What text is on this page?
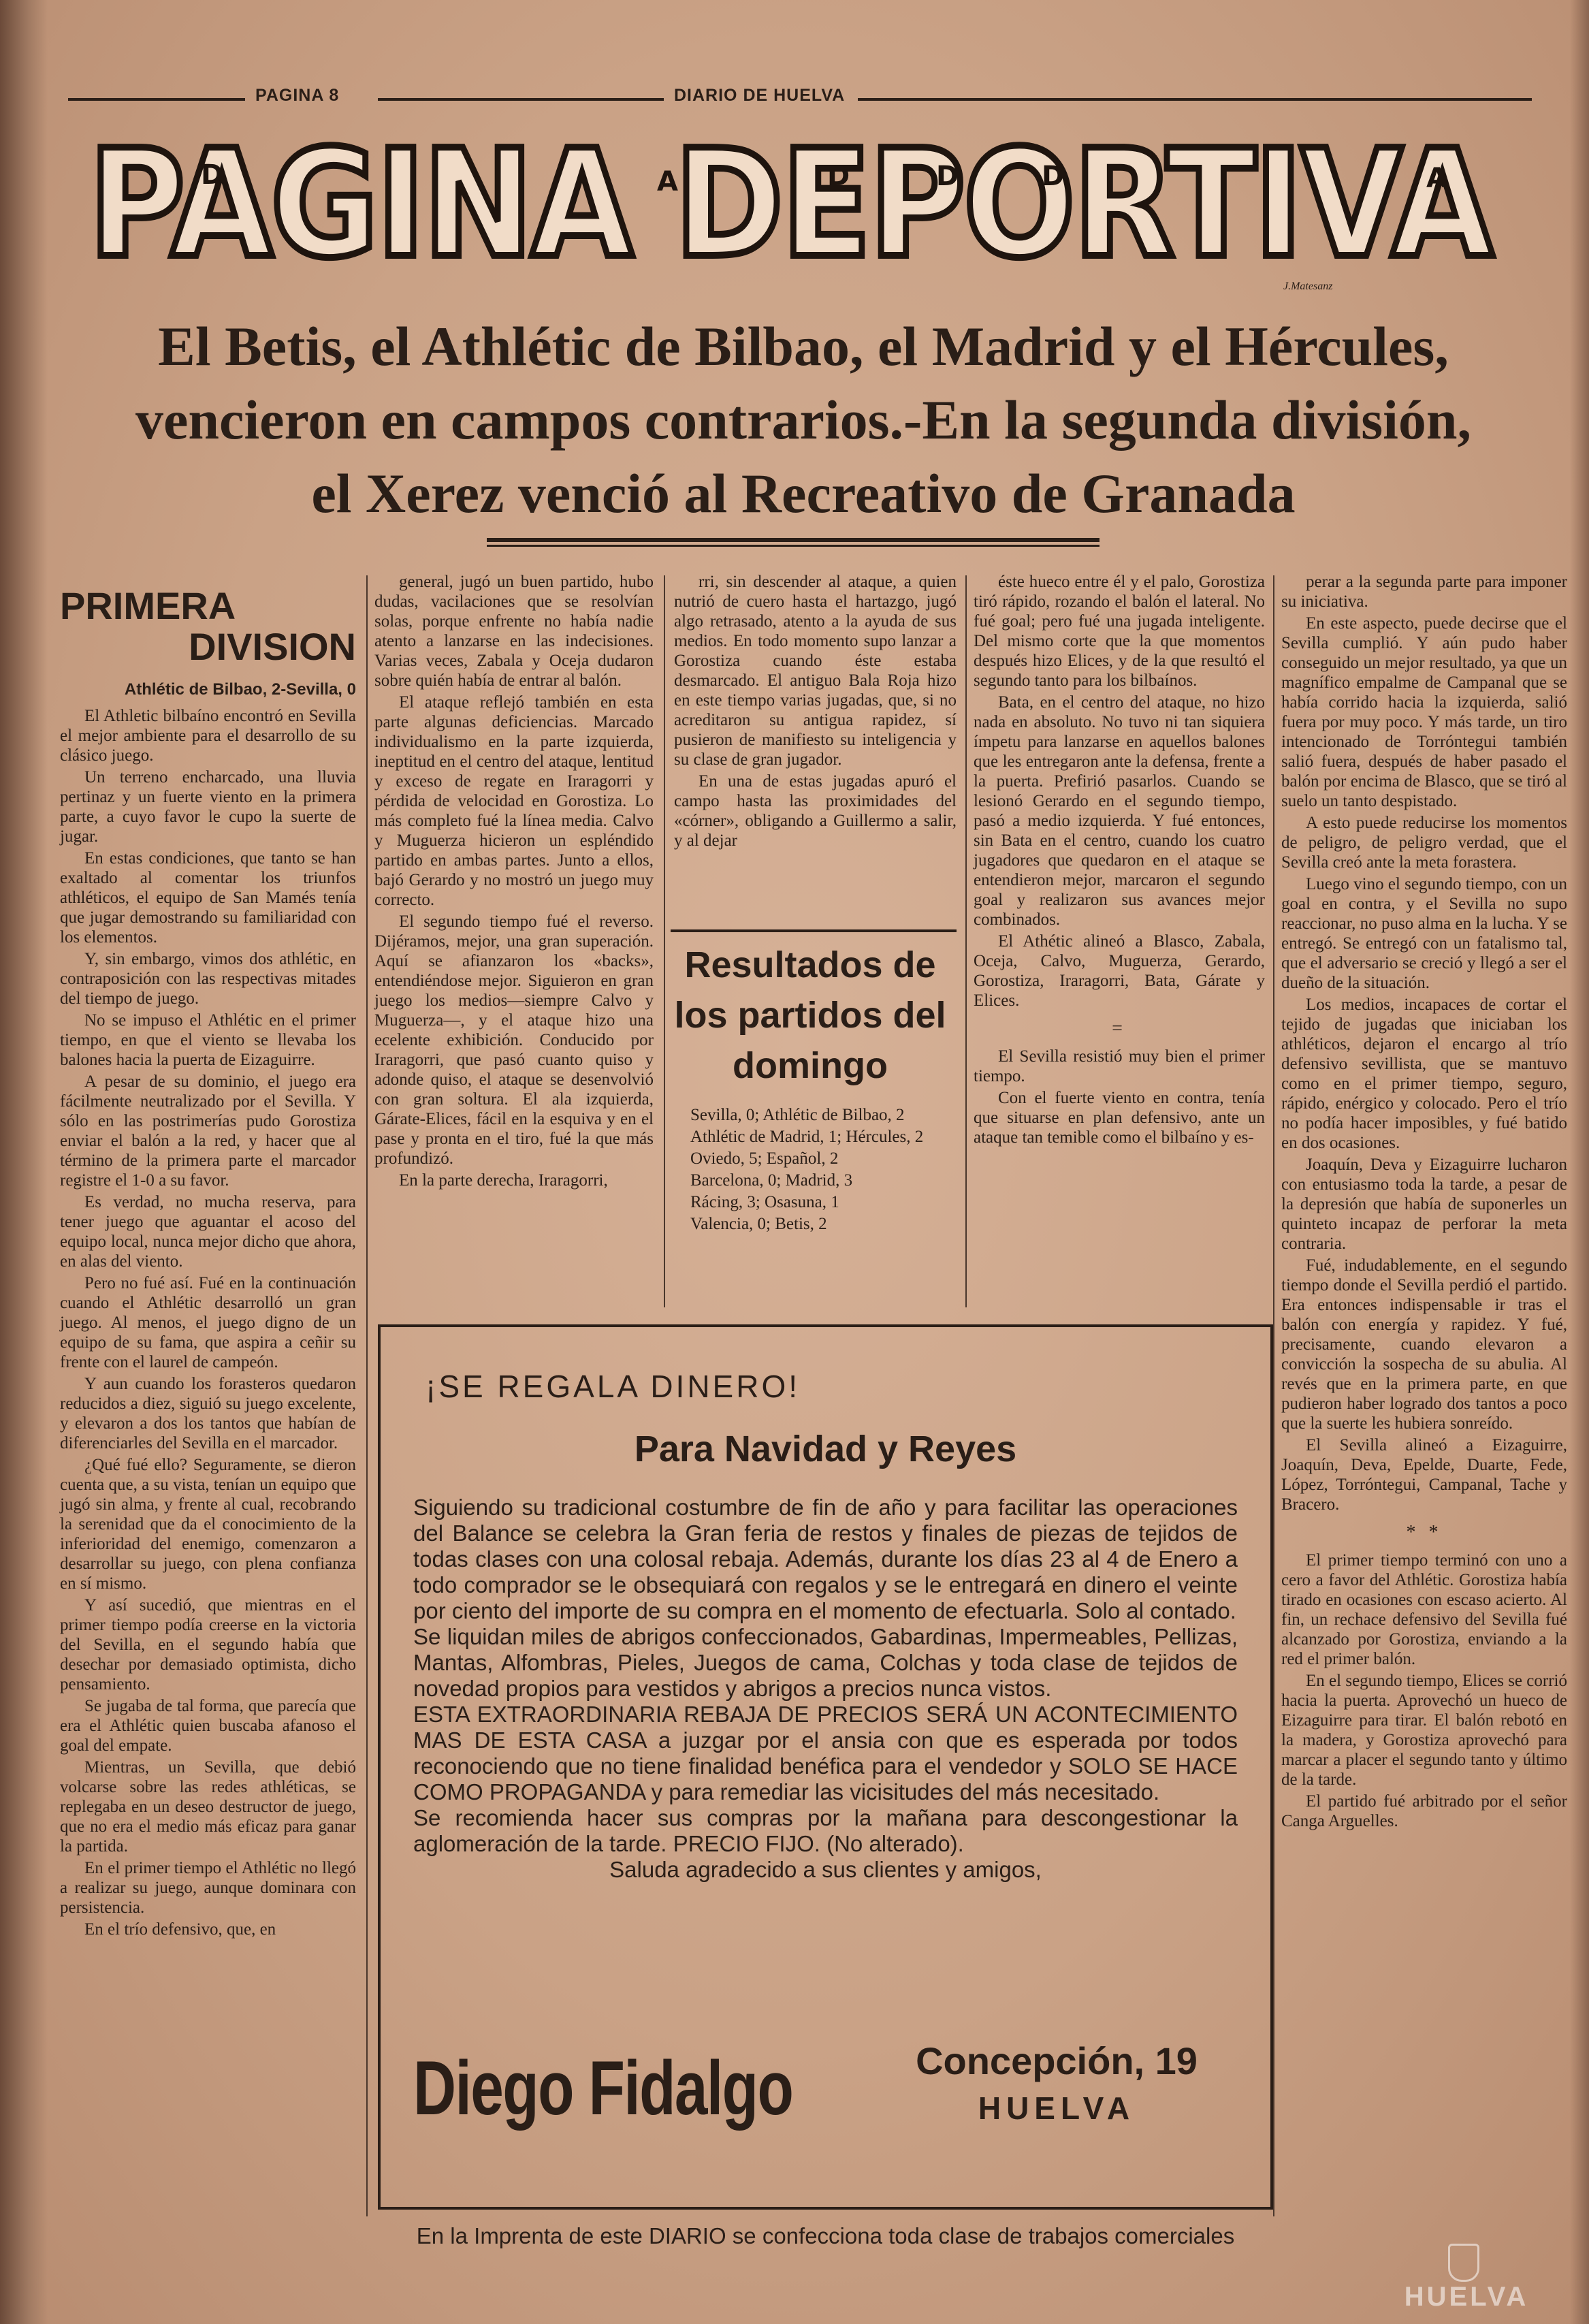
PAGINA 8	DIARIO DE HUELVA
PAGINA DEPORTIVA
D	A	D	D	D	A
J.Matesanz
El Betis, el Athlétic de Bilbao, el Madrid y el Hércules,
vencieron en campos contrarios.-En la segunda división,
el Xerez venció al Recreativo de Granada
PRIMERA
DIVISION
Athlétic de Bilbao, 2-Sevilla, 0

El Athletic bilbaíno encontró en Sevilla el mejor ambiente para el desarrollo de su clásico juego.

Un terreno encharcado, una lluvia pertinaz y un fuerte viento en la primera parte, a cuyo favor le cupo la suerte de jugar.

En estas condiciones, que tanto se han exaltado al comentar los triunfos athléticos, el equipo de San Mamés tenía que jugar demostrando su familiaridad con los elementos.

Y, sin embargo, vimos dos athlétic, en contraposición con las respectivas mitades del tiempo de juego.

No se impuso el Athlétic en el primer tiempo, en que el viento se llevaba los balones hacia la puerta de Eizaguirre.

A pesar de su dominio, el juego era fácilmente neutralizado por el Sevilla. Y sólo en las postrimerías pudo Gorostiza enviar el balón a la red, y hacer que al término de la primera parte el marcador registre el 1-0 a su favor.

Es verdad, no mucha reserva, para tener juego que aguantar el acoso del equipo local, nunca mejor dicho que ahora, en alas del viento.

Pero no fué así. Fué en la continuación cuando el Athlétic desarrolló un gran juego. Al menos, el juego digno de un equipo de su fama, que aspira a ceñir su frente con el laurel de campeón.

Y aun cuando los forasteros quedaron reducidos a diez, siguió su juego excelente, y elevaron a dos los tantos que habían de diferenciarles del Sevilla en el marcador.

¿Qué fué ello? Seguramente, se dieron cuenta que, a su vista, tenían un equipo que jugó sin alma, y frente al cual, recobrando la serenidad que da el conocimiento de la inferioridad del enemigo, comenzaron a desarrollar su juego, con plena confianza en sí mismo.

Y así sucedió, que mientras en el primer tiempo podía creerse en la victoria del Sevilla, en el segundo había que desechar por demasiado optimista, dicho pensamiento.

Se jugaba de tal forma, que parecía que era el Athlétic quien buscaba afanoso el goal del empate.

Mientras, un Sevilla, que debió volcarse sobre las redes athléticas, se replegaba en un deseo destructor de juego, que no era el medio más eficaz para ganar la partida.

En el primer tiempo el Athlétic no llegó a realizar su juego, aunque dominara con persistencia.

En el trío defensivo, que, en

general, jugó un buen partido, hubo dudas, vacilaciones que se resolvían solas, porque enfrente no había nadie atento a lanzarse en las indecisiones. Varias veces, Zabala y Oceja dudaron sobre quién había de entrar al balón.

El ataque reflejó también en esta parte algunas deficiencias. Marcado individualismo en la parte izquierda, ineptitud en el centro del ataque, lentitud y exceso de regate en Iraragorri y pérdida de velocidad en Gorostiza. Lo más completo fué la línea media. Calvo y Muguerza hicieron un espléndido partido en ambas partes. Junto a ellos, bajó Gerardo y no mostró un juego muy correcto.

El segundo tiempo fué el reverso. Dijéramos, mejor, una gran superación. Aquí se afianzaron los «backs», entendiéndose mejor. Siguieron en gran juego los medios—siempre Calvo y Muguerza—, y el ataque hizo una ecelente exhibición. Conducido por Iraragorri, que pasó cuanto quiso y adonde quiso, el ataque se desenvolvió con gran soltura. El ala izquierda, Gárate-Elices, fácil en la esquiva y en el pase y pronta en el tiro, fué la que más profundizó.

En la parte derecha, Iraragorri,

rri, sin descender al ataque, a quien nutrió de cuero hasta el hartazgo, jugó algo retrasado, atento a la ayuda de sus medios. En todo momento supo lanzar a Gorostiza cuando éste estaba desmarcado. El antiguo Bala Roja hizo en este tiempo varias jugadas, que, si no acreditaron su antigua rapidez, sí pusieron de manifiesto su inteligencia y su clase de gran jugador.

En una de estas jugadas apuró el campo hasta las proximidades del «córner», obligando a Guillermo a salir, y al dejar

Resultados de los partidos del domingo
Sevilla, 0; Athlétic de Bilbao, 2
Athlétic de Madrid, 1; Hércules, 2
Oviedo, 5; Español, 2
Barcelona, 0; Madrid, 3
Rácing, 3; Osasuna, 1
Valencia, 0; Betis, 2

éste hueco entre él y el palo, Gorostiza tiró rápido, rozando el balón el lateral. No fué goal; pero fué una jugada inteligente. Del mismo corte que la que momentos después hizo Elices, y de la que resultó el segundo tanto para los bilbaínos.

Bata, en el centro del ataque, no hizo nada en absoluto. No tuvo ni tan siquiera ímpetu para lanzarse en aquellos balones que les entregaron ante la defensa, frente a la puerta. Prefirió pasarlos. Cuando se lesionó Gerardo en el segundo tiempo, pasó a medio izquierda. Y fué entonces, sin Bata en el centro, cuando los cuatro jugadores que quedaron en el ataque se entendieron mejor, marcaron el segundo goal y realizaron sus avances mejor combinados.

El Athétic alineó a Blasco, Zabala, Oceja, Calvo, Muguerza, Gerardo, Gorostiza, Iraragorri, Bata, Gárate y Elices.

=

El Sevilla resistió muy bien el primer tiempo.

Con el fuerte viento en contra, tenía que situarse en plan defensivo, ante un ataque tan temible como el bilbaíno y es-

perar a la segunda parte para imponer su iniciativa.

En este aspecto, puede decirse que el Sevilla cumplió. Y aún pudo haber conseguido un mejor resultado, ya que un magnífico empalme de Campanal que se había corrido hacia la izquierda, salió fuera por muy poco. Y más tarde, un tiro intencionado de Torróntegui también salió fuera, después de haber pasado el balón por encima de Blasco, que se tiró al suelo un tanto despistado.

A esto puede reducirse los momentos de peligro, de peligro verdad, que el Sevilla creó ante la meta forastera.

Luego vino el segundo tiempo, con un goal en contra, y el Sevilla no supo reaccionar, no puso alma en la lucha. Y se entregó. Se entregó con un fatalismo tal, que el adversario se creció y llegó a ser el dueño de la situación.

Los medios, incapaces de cortar el tejido de jugadas que iniciaban los athléticos, dejaron el encargo al trío defensivo sevillista, que se mantuvo como en el primer tiempo, seguro, rápido, enérgico y colocado. Pero el trío no podía hacer imposibles, y fué batido en dos ocasiones.

Joaquín, Deva y Eizaguirre lucharon con entusiasmo toda la tarde, a pesar de la depresión que había de suponerles un quinteto incapaz de perforar la meta contraria.

Fué, indudablemente, en el segundo tiempo donde el Sevilla perdió el partido. Era entonces indispensable ir tras el balón con energía y rapidez. Y fué, precisamente, cuando elevaron a convicción la sospecha de su abulia. Al revés que en la primera parte, en que pudieron haber logrado dos tantos a poco que la suerte les hubiera sonreído.

El Sevilla alineó a Eizaguirre, Joaquín, Deva, Epelde, Duarte, Fede, López, Torróntegui, Campanal, Tache y Bracero.

* *

El primer tiempo terminó con uno a cero a favor del Athlétic. Gorostiza había tirado en ocasiones con escaso acierto. Al fin, un rechace defensivo del Sevilla fué alcanzado por Gorostiza, enviando a la red el primer balón.

En el segundo tiempo, Elices se corrió hacia la puerta. Aprovechó un hueco de Eizaguirre para tirar. El balón rebotó en la madera, y Gorostiza aprovechó para marcar a placer el segundo tanto y último de la tarde.

El partido fué arbitrado por el señor Canga Arguelles.

¡SE REGALA DINERO!
Para Navidad y Reyes

Siguiendo su tradicional costumbre de fin de año y para facilitar las operaciones del Balance se celebra la Gran feria de restos y finales de piezas de tejidos de todas clases con una colosal rebaja. Además, durante los días 23 al 4 de Enero a todo comprador se le obsequiará con regalos y se le entregará en dinero el veinte por ciento del importe de su compra en el momento de efectuarla. Solo al contado.

Se liquidan miles de abrigos confeccionados, Gabardinas, Impermeables, Pellizas, Mantas, Alfombras, Pieles, Juegos de cama, Colchas y toda clase de tejidos de novedad propios para vestidos y abrigos a precios nunca vistos.

ESTA EXTRAORDINARIA REBAJA DE PRECIOS SERÁ UN ACONTECIMIENTO MAS DE ESTA CASA a juzgar por el ansia con que es esperada por todos reconociendo que no tiene finalidad benéfica para el vendedor y SOLO SE HACE COMO PROPAGANDA y para remediar las vicisitudes del más necesitado.

Se recomienda hacer sus compras por la mañana para descongestionar la aglomeración de la tarde. PRECIO FIJO. (No alterado).

Saluda agradecido a sus clientes y amigos,

Diego Fidalgo	Concepción, 19
HUELVA
En la Imprenta de este DIARIO se confecciona toda clase de trabajos comerciales
HUELVA
